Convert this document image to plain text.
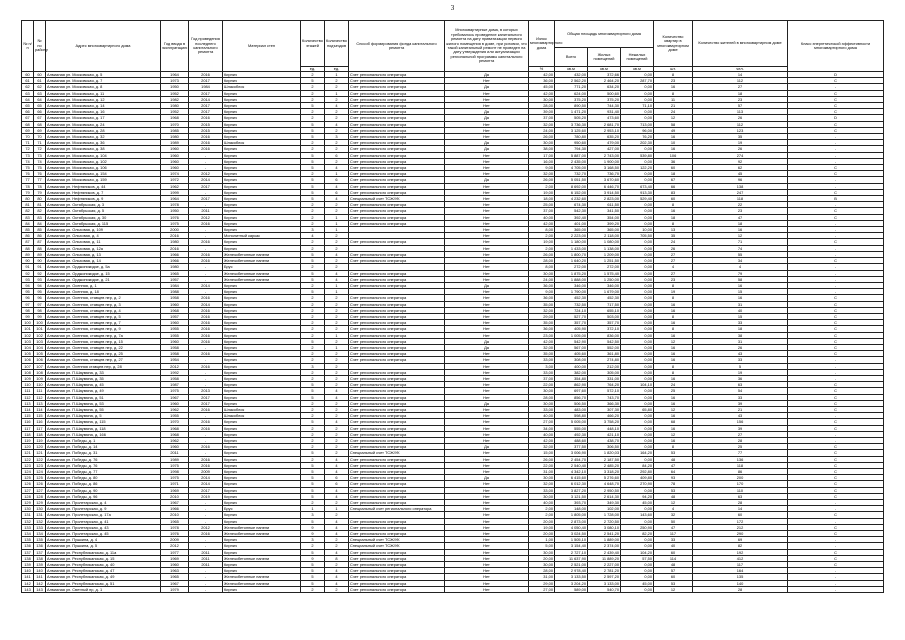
3
№ п/п	№ по району	Адрес многоквартирного дома	Год ввода в эксплуатацию	Год проведения последнего капитального ремонта	Материал стен	Количество этажей	Количество подъездов	Способ формирования фонда капитального ремонта	Многоквартирные дома, в которых требовалось проведение капитального ремонта на дату приватизации первого жилого помещения в доме, при условии, что такой капитальный ремонт не проведен на дату утверждения или актуализации региональной программы капитального ремонта	Износ многоквартирного дома	Общая площадь многоквартирного дома			Количество квартир в многоквартирном доме	Количество жителей в многоквартирном доме	Класс энергетической эффективности многоквартирного дома
											Всего	Жилых помещений	Нежилых помещений			
						ед.	ед.			%	кв.м	кв.м	кв.м	шт.	чел.	
60	60	Алмазная ул. Московская, д. 5	1964	2016	Кирпич	2	1	Счет регионального оператора	Да	42,00	432,00	372,66	0,00	8	14	D
61	61	Алмазная ул. Московская, д. 7	1973	2017	Кирпич	5	2	Счет регионального оператора	Нет	36,00	2 562,20	2 464,20	287,70	23	112	C
62	62	Алмазная ул. Московская, д. 8	1950	1984	Шлакоблок	2	2	Счет регионального оператора	Да	45,00	771,20	634,20	0,00	16	27	-
63	63	Алмазная ул. Московская, д. 11	1952	2017	Кирпич	2	1	Счет регионального оператора	Нет	42,00	624,00	500,60	0,00	8	18	C
64	64	Алмазная ул. Московская, д. 12	1982	2014	Кирпич	2	2	Счет регионального оператора	Нет	30,00	375,20	375,20	0,00	11	23	C
65	65	Алмазная ул. Московская, д. 14	1980	2017	Кирпич	5	4	Счет регионального оператора	Нет	28,00	890,50	744,30	71,10	21	57	C
66	66	Алмазная ул. Московская, д. 16	1952	2017	Кирпич	2	2	Счет регионального оператора	Да	39,00	1 471,20	931,40	0,00	24	113	C
67	67	Алмазная ул. Московская, д. 17	1968	2016	Кирпич	2	2	Счет регионального оператора	Да	37,00	505,20	473,60	0,00	12	26	D
68	68	Алмазная ул. Московская, д. 24	1970	2015	Кирпич	5	4	Счет регионального оператора	Нет	32,00	3 736,30	2 681,70	713,00	58	112	C
69	69	Алмазная ул. Московская, д. 28	1985	2015	Кирпич	5	2	Счет регионального оператора	Нет	24,00	3 125,60	2 953,10	96,00	49	123	C
70	70	Алмазная ул. Московская, д. 32	1980	2016	Кирпич	5	3	Счет регионального оператора	Нет	26,00	780,80	635,20	76,20	16	35	-
71	71	Алмазная ул. Московская, д. 36	1989	2016	Шлакоблок	2	2	Счет регионального оператора	Да	30,00	950,60	479,00	202,30	10	19	-
72	72	Алмазная ул. Московская, д. 38	1960	2016	Кирпич	2	2	Счет регионального оператора	Да	38,00	794,30	427,00	0,00	16	26	-
73	73	Алмазная ул. Московская, д. 104	1960	-	Кирпич	5	6	Счет регионального оператора	Нет	17,00	5 887,00	2 743,00	539,80	106	274	-
74	74	Алмазная ул. Московская, д. 102	1960	-	Кирпич	5	2	Счет регионального оператора	Нет	16,00	2 435,00	1 900,00	0,00	36	92	-
75	75	Алмазная ул. Московская, д. 106	1960	-	Кирпич	5	4	Счет регионального оператора	Нет	9,00	4 705,00	3 168,50	122,20	60	62	C
76	76	Алмазная ул. Московская, д. 154	1974	2012	Кирпич	2	1	Счет регионального оператора	Нет	32,00	732,70	736,70	0,00	18	45	C
77	77	Алмазная ул. Московская, д. 159	1972	2014	Кирпич	5	6	Счет регионального оператора	Да	26,00	5 051,50	3 670,60	0,00	67	96	-
78	78	Алмазная ул. Нефтяников, д. 44	1962	2017	Кирпич	5	4	Счет регионального оператора	Нет	2,00	8 692,00	6 446,70	673,40	66	138	-
79	79	Алмазная ул. Нефтяников, д. 7	1999	-	Кирпич	5	6	Счет регионального оператора	Нет	19,00	6 152,00	3 914,50	913,30	83	247	C
80	80	Алмазная ул. Нефтяников, д. 9	1964	2017	Кирпич	5	4	Специальный счет ТСЖ/УК	Нет	18,00	4 232,60	2 823,00	529,40	60	118	B
81	81	Алмазная ул. Октябрьская, д. 3	1978	-	Кирпич	2	2	Счет регионального оператора	Нет	25,00	674,30	611,50	0,00	8	22	-
82	82	Алмазная ул. Октябрьская, д. 5	1950	2011	Кирпич	2	2	Счет регионального оператора	Нет	37,00	542,30	341,50	0,00	16	23	C
83	83	Алмазная ул. Октябрьская, д. 30	1976	2012	Кирпич	2	1	Счет регионального оператора	Нет	40,00	392,40	354,00	0,00	18	47	C
84	84	Алмазная ул. Октябрьская, д. 115	1975	2016	Кирпич	2	1	Счет регионального оператора	Нет	42,00	401,00	399,20	0,00	8	18	-
85	85	Алмазная ул. Ольховая, д. 109	2000	-	Кирпич	3	1		Нет	8,00	365,00	365,00	10,00	13	16	-
86	86	Алмазная ул. Ольховая, д. 4	2016	-	Монолитный каркас	4	2		Нет	2,00	2 223,00	2 118,00	705,50	35	12	-
87	87	Алмазная ул. Ольховая, д. 11	1980	2016	Кирпич	2	2	Счет регионального оператора	Нет	19,00	1 180,00	1 080,00	0,00	24	71	C
88	88	Алмазная ул. Ольховая, д. 12а	2016	-	Кирпич	2	2		Нет	2,00	1 433,00	1 138,00	0,00	26	74	-
89	89	Алмазная ул. Ольховая, д. 13	1966	2016	Железобетонные панели	5	4	Счет регионального оператора	Нет	26,00	1 800,70	1 209,00	0,00	27	55	-
90	90	Алмазная ул. Ольховая, д. 14	1966	2016	Железобетонные панели	5	2	Счет регионального оператора	Нет	28,00	1 640,20	1 251,50	0,00	27	34	C
91	91	Алмазная ул. Орджоникидзе, д. 5а	1980	-	Брус	2	2		Нет	8,00	272,00	272,00	0,00	4	4	-
92	92	Алмазная ул. Орджоникидзе, д. 15	1965	-	Железобетонные панели	5	4	Счет регионального оператора	Нет	30,00	1 875,20	1 575,40	0,00	27	79	-
93	93	Алмазная ул. Орджоникидзе, д. 21	1957	-	Железобетонные панели	5	4	Счет регионального оператора	Нет	24,00	1 888,00	1 250,00	0,00	23	58	-
94	94	Алмазная ул. Осенняя, д. 1	1984	2014	Кирпич	2	1	Счет регионального оператора	Да	36,00	346,00	346,00	0,00	8	16	-
95	95	Алмазная ул. Осенняя, д. 18	1988	-	Кирпич	5	1		Нет	9,00	1 790,00	1 679,00	0,00	19	15	-
96	96	Алмазная ул. Осенняя, ставцев пер, д. 2	1958	2016	Кирпич	2	2	Счет регионального оператора	Нет	36,00	452,30	452,30	0,00	8	16	C
97	97	Алмазная ул. Осенняя, ставцев пер, д. 3	1960	2014	Кирпич	2	2	Счет регионального оператора	Нет	35,00	732,50	717,50	0,00	16	31	C
98	98	Алмазная ул. Осенняя, ставцев пер, д. 4	1968	2016	Кирпич	2	2	Счет регионального оператора	Нет	32,00	724,10	655,10	0,00	16	40	C
99	99	Алмазная ул. Осенняя, ставцев пер, д. 5	1957	2016	Кирпич	2	2	Счет регионального оператора	Нет	29,00	527,70	503,00	0,00	8	15	C
100	100	Алмазная ул. Осенняя, ставцев пер, д. 7	1960	2016	Кирпич	2	2	Счет регионального оператора	Нет	35,00	357,70	357,70	0,00	16	33	C
101	101	Алмазная ул. Осенняя, ставцев пер, д. 9	1955	2016	Кирпич	2	2	Счет регионального оператора	Нет	36,00	405,90	372,10	0,00	8	18	C
102	102	Алмазная ул. Осенняя, ставцев пер, д. 7а	1955	2016	Кирпич	2	1	Счет регионального оператора	Нет	23,00	1 005,00	836,00	0,00	16	38	C
103	103	Алмазная ул. Осенняя, ставцев пер, д. 15	1960	2016	Кирпич	5	2	Счет регионального оператора	Да	42,00	542,90	542,50	0,00	12	31	C
104	104	Алмазная ул. Осенняя, ставцев пер, д. 22	1958	-	Кирпич	2	1	Счет регионального оператора	Да	32,00	567,00	552,00	0,00	16	26	C
105	105	Алмазная ул. Осенняя, ставцев пер, д. 25	1958	2016	Кирпич	2	2	Счет регионального оператора	Нет	35,00	405,60	361,80	0,00	16	43	C
106	106	Алмазная ул. Осенняя, ставцев пер, д. 27	1954	-	Кирпич	2	2	Счет регионального оператора	Нет	33,00	308,00	274,80	0,00	16	33	-
107	107	Алмазная ул. Осенняя ставцев пер, д. 28	2012	2016	Кирпич	3	2		Нет	3,00	400,00	212,00	0,00	8	5	-
108	108	Алмазная ул. П.Шаумяна, д. 33	1992	-	Кирпич	2	2	Счет регионального оператора	Нет	33,00	382,00	305,00	0,00	8	19	-
109	109	Алмазная ул. П.Шаумяна, д. 35	1958	-	Кирпич	2	2	Счет регионального оператора	Нет	37,00	354,80	331,00	0,00	16	36	-
110	110	Алмазная ул. П.Шаумяна, д. 45	1987	-	Кирпич	5	2	Счет регионального оператора	Нет	22,00	862,90	764,20	104,10	24	63	C
111	111	Алмазная ул. П.Шаумяна, д. 49	1975	2013	Кирпич	5	4	Счет регионального оператора	Нет	30,00	697,60	572,10	0,00	25	54	C
112	112	Алмазная ул. П.Шаумяна, д. 51	1967	2017	Кирпич	5	4	Счет регионального оператора	Нет	28,00	856,70	743,70	0,00	16	33	C
113	113	Алмазная ул. П.Шаумяна, д. 53	1960	2017	Кирпич	2	2	Счет регионального оператора	Да	30,00	506,50	366,30	0,00	16	39	C
114	114	Алмазная ул. П.Шаумяна, д. 55	1962	2016	Шлакоблок	2	2	Счет регионального оператора	Нет	33,00	483,00	307,30	65,80	12	21	C
115	115	Алмазная ул. П.Шаумяна, д. 5	1955	-	Шлакоблок	2	2	Счет регионального оператора	Нет	40,00	598,80	466,20	0,00	16	43	-
116	116	Алмазная ул. П.Шаумяна, д. 115	1970	2016	Кирпич	5	4	Счет регионального оператора	Нет	27,00	5 005,00	3 758,20	0,00	68	156	C
117	117	Алмазная ул. П.Шаумяна, д. 118	1968	2016	Кирпич	2	2	Счет регионального оператора	Нет	34,00	555,00	448,10	0,00	16	39	C
118	118	Алмазная ул. П.Шаумяна, д. 166	1968	-	Кирпич	2	2	Счет регионального оператора	Нет	40,00	492,30	421,10	0,00	12	27	-
119	119	Алмазная ул. Победы, д. 1	1962	-	Кирпич	2	2	Счет регионального оператора	Нет	42,00	488,60	438,70	0,00	16	28	-
120	120	Алмазная ул. Победы, д. 14	1960	2016	Кирпич	2	2	Счет регионального оператора	Да	32,00	377,50	306,50	0,00	8	25	C
121	121	Алмазная ул. Победы, д. 31	2011	-	Кирпич	5	2	Специальный счет ТСЖ/УК	Нет	15,00	3 006,90	1 820,03	164,20	53	77	C
122	122	Алмазная ул. Победы, д. 76	1989	2016	Кирпич	2	4	Счет регионального оператора	Нет	26,00	2 454,70	2 187,50	0,00	48	136	C
123	123	Алмазная ул. Победы, д. 76	1975	2016	Кирпич	5	4	Счет регионального оператора	Нет	22,00	2 540,40	2 485,20	84,20	47	118	C
124	124	Алмазная ул. Победы, д. 77	1998	2009	Кирпич	5	4	Счет регионального оператора	Нет	31,00	4 342,10	3 318,20	292,80	64	86	C
125	125	Алмазная ул. Победы, д. 80	1975	2014	Кирпич	5	6	Счет регионального оператора	Да	30,00	6 415,60	5 276,60	409,80	93	200	C
126	126	Алмазная ул. Победы, д. 86	1971	2014	Кирпич	5	6	Счет регионального оператора	Нет	32,00	6 012,30	4 648,70	270,90	78	170	C
127	127	Алмазная ул. Победы, д. 90	1969	2017	Кирпич	5	4	Счет регионального оператора	Нет	33,00	3 827,20	2 950,50	0,00	53	110	C
128	128	Алмазная ул. Победы, д. 96	2010	2019	Кирпич	5	4	Счет регионального оператора	Нет	30,00	3 121,50	2 614,30	94,20	48	63	C
129	129	Алмазная ул. Пролетарская, д. 4	1967	-	Кирпич	2	2	Счет регионального оператора	Нет	40,00	393,70	349,30	45,00	12	28	-
130	130	Алмазная ул. Пролетарская, д. 9	1966	-	Брус	1	1	Специальный счет регионального оператора	Нет	2,00	148,00	102,00	0,00	4	14	-
131	131	Алмазная ул. Пролетарская, д. 17а	2010	-	Кирпич	3	2		Нет	2,00	1 805,00	1 728,00	143,60	32	60	C
132	132	Алмазная ул. Пролетарская, д. 41	1965	-	Кирпич	5	4	Счет регионального оператора	Нет	20,00	2 873,00	2 720,50	0,00	50	172	-
133	133	Алмазная ул. Пролетарская, д. 43	1978	2012	Железобетонные панели	9	4	Счет регионального оператора	Нет	19,00	4 050,40	3 080,10	250,90	47	212	C
134	134	Алмазная ул. Пролетарская, д. 45	1976	2016	Железобетонные панели	9	4	Счет регионального оператора	Нет	20,00	3 024,50	2 541,20	82,20	117	290	C
135	135	Алмазная ул. Пушкина, д. 4	2009	-	Кирпич	3	2	Специальный счет ТСЖ/УК	Нет	1,00	1 505,10	1 889,00	0,00	33	69	-
136	136	Алмазная ул. Пушкина, д. 5	2012	-	Кирпич	2	2	Специальный счет ТСЖ/УК	Нет	5,00	3 154,40	2 374,00	0,00	40	82	-
137	137	Алмазная ул. Республиканская, д. 11а	1977	2011	Кирпич	5	4	Счет регионального оператора	Нет	30,00	2 727,10	2 439,40	104,20	60	192	C
138	138	Алмазная ул. Республиканская, д. 15	1969	2011	Железобетонные панели	9	8	Счет регионального оператора	Нет	20,00	11 637,90	11 889,20	57,50	114	412	C
139	139	Алмазная ул. Республиканская, д. 40	1960	2011	Кирпич	5	2	Счет регионального оператора	Нет	30,00	2 521,00	2 227,00	0,00	48	117	C
140	140	Алмазная ул. Республиканская, д. 47	1963	-	Кирпич	5	4	Счет регионального оператора	Нет	28,00	2 978,40	2 781,20	0,00	57	164	-
141	141	Алмазная ул. Республиканская, д. 49	1965	-	Железобетонные панели	5	4	Счет регионального оператора	Нет	31,00	3 133,50	2 597,20	0,00	60	135	-
142	142	Алмазная ул. Республиканская, д. 51	1967	-	Железобетонные панели	5	4	Счет регионального оператора	Нет	29,00	3 204,20	3 133,00	45,00	53	140	-
143	143	Алмазная ул. Светлый пр, д. 1	1979	-	Кирпич	2	2	Счет регионального оператора	Нет	27,00	589,00	540,70	0,00	12	28	-
